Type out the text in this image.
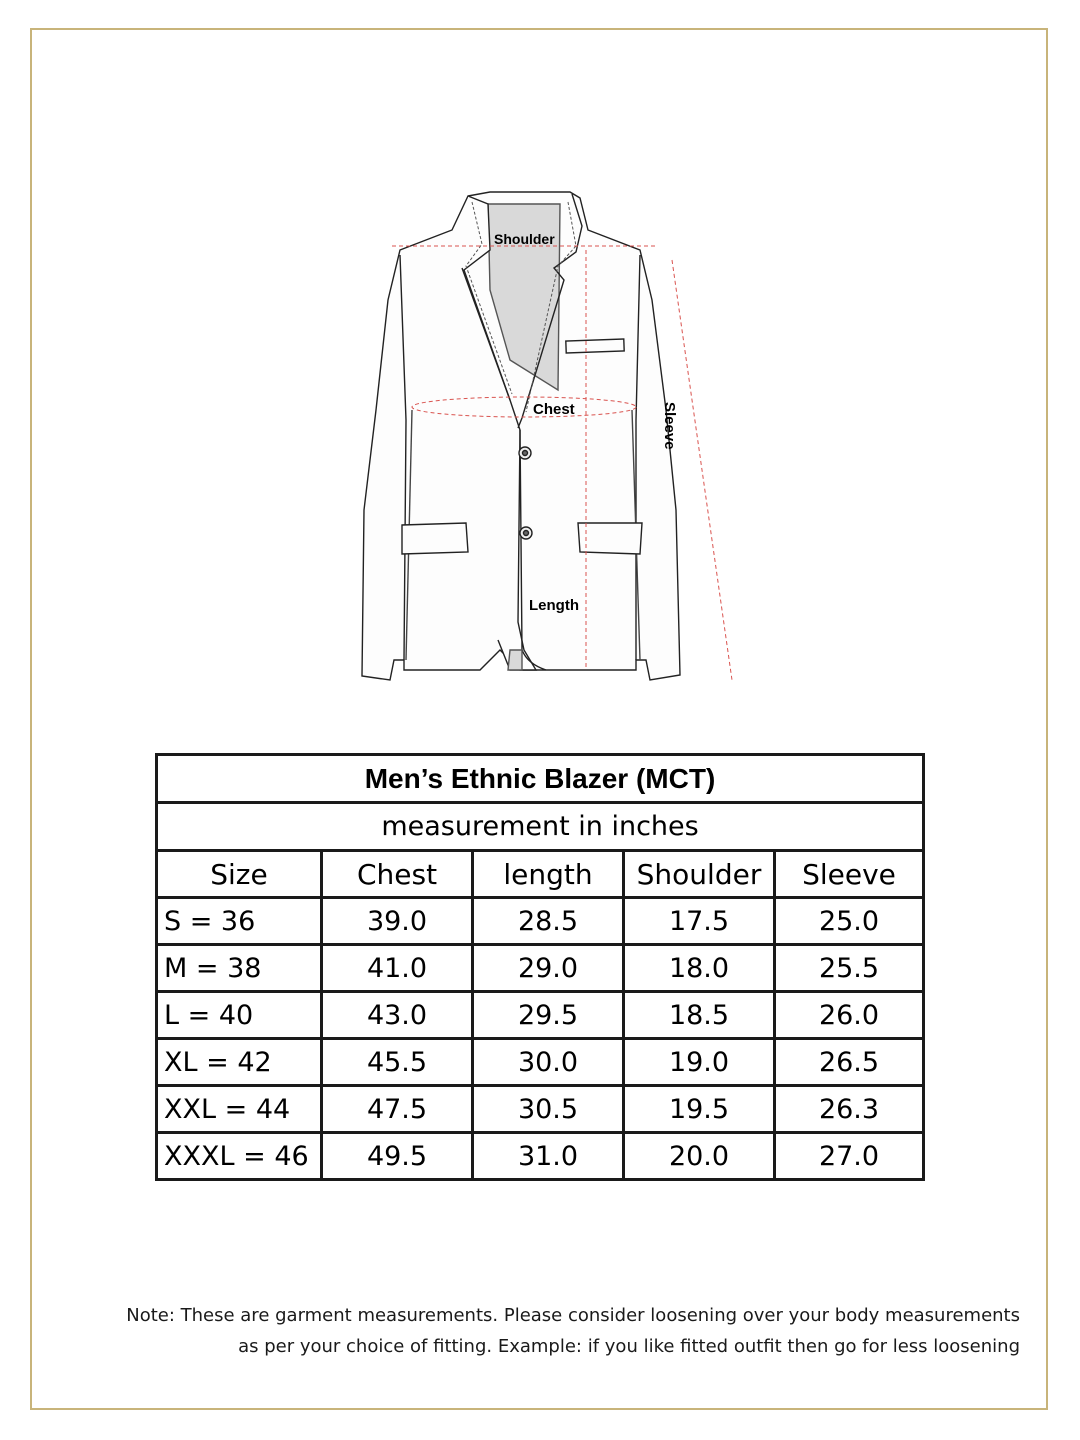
Shoulder
Chest
Length
Sleeve
Men’s Ethnic Blazer (MCT)				
measurement in inches				
Size	Chest	length	Shoulder	Sleeve
S = 36	39.0	28.5	17.5	25.0
M = 38	41.0	29.0	18.0	25.5
L = 40	43.0	29.5	18.5	26.0
XL = 42	45.5	30.0	19.0	26.5
XXL = 44	47.5	30.5	19.5	26.3
XXXL = 46	49.5	31.0	20.0	27.0
Note: These are garment measurements. Please consider loosening over your body measurements
as per your choice of fitting. Example: if you like fitted outfit then go for less loosening
